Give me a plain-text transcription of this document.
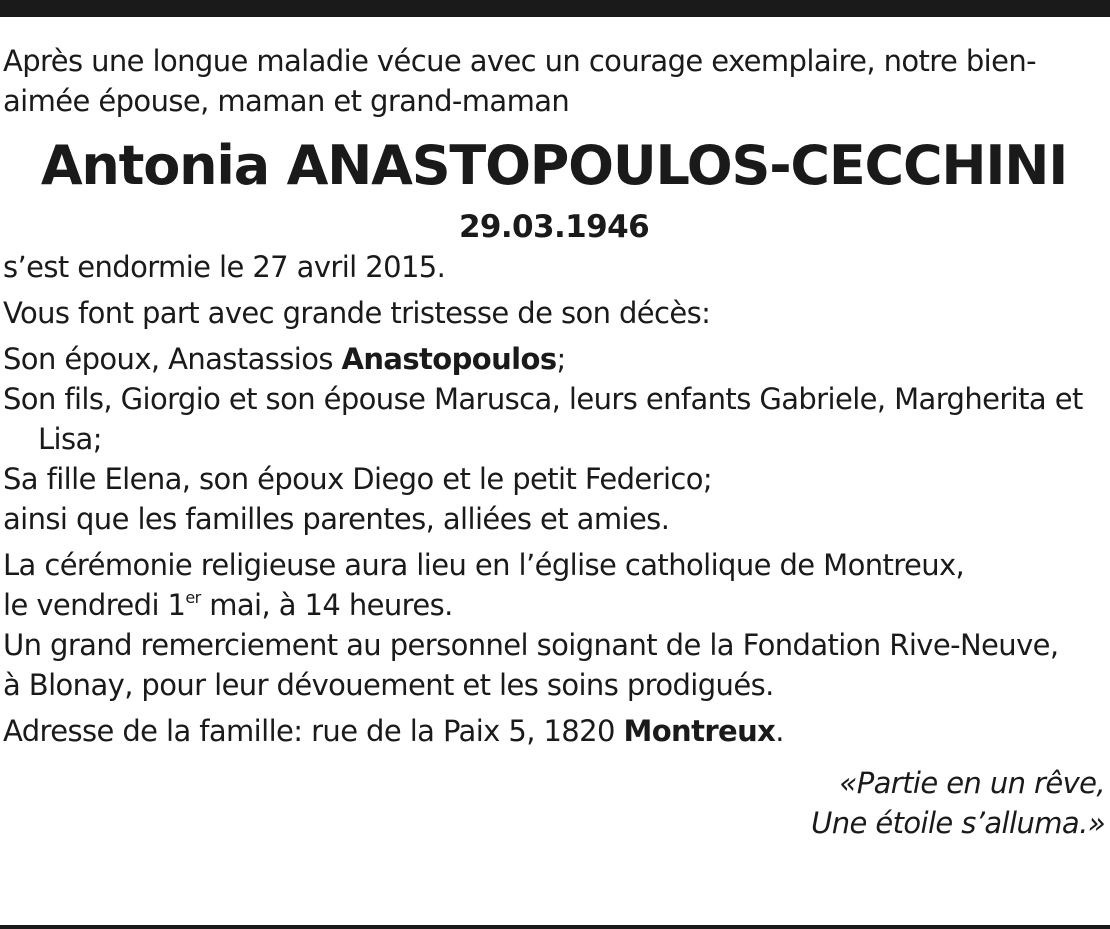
Après une longue maladie vécue avec un courage exemplaire, notre bien-
aimée épouse, maman et grand-maman

Antonia ANASTOPOULOS-CECCHINI

29.03.1946

s’est endormie le 27 avril 2015.

Vous font part avec grande tristesse de son décès:

Son époux, Anastassios Anastopoulos;

Son fils, Giorgio et son épouse Marusca, leurs enfants Gabriele, Margherita et Lisa;

Sa fille Elena, son époux Diego et le petit Federico;

ainsi que les familles parentes, alliées et amies.

La cérémonie religieuse aura lieu en l’église catholique de Montreux,
le vendredi 1er mai, à 14 heures.

Un grand remerciement au personnel soignant de la Fondation Rive-Neuve,
à Blonay, pour leur dévouement et les soins prodigués.

Adresse de la famille: rue de la Paix 5, 1820 Montreux.

«Partie en un rêve,
Une étoile s’alluma.»
